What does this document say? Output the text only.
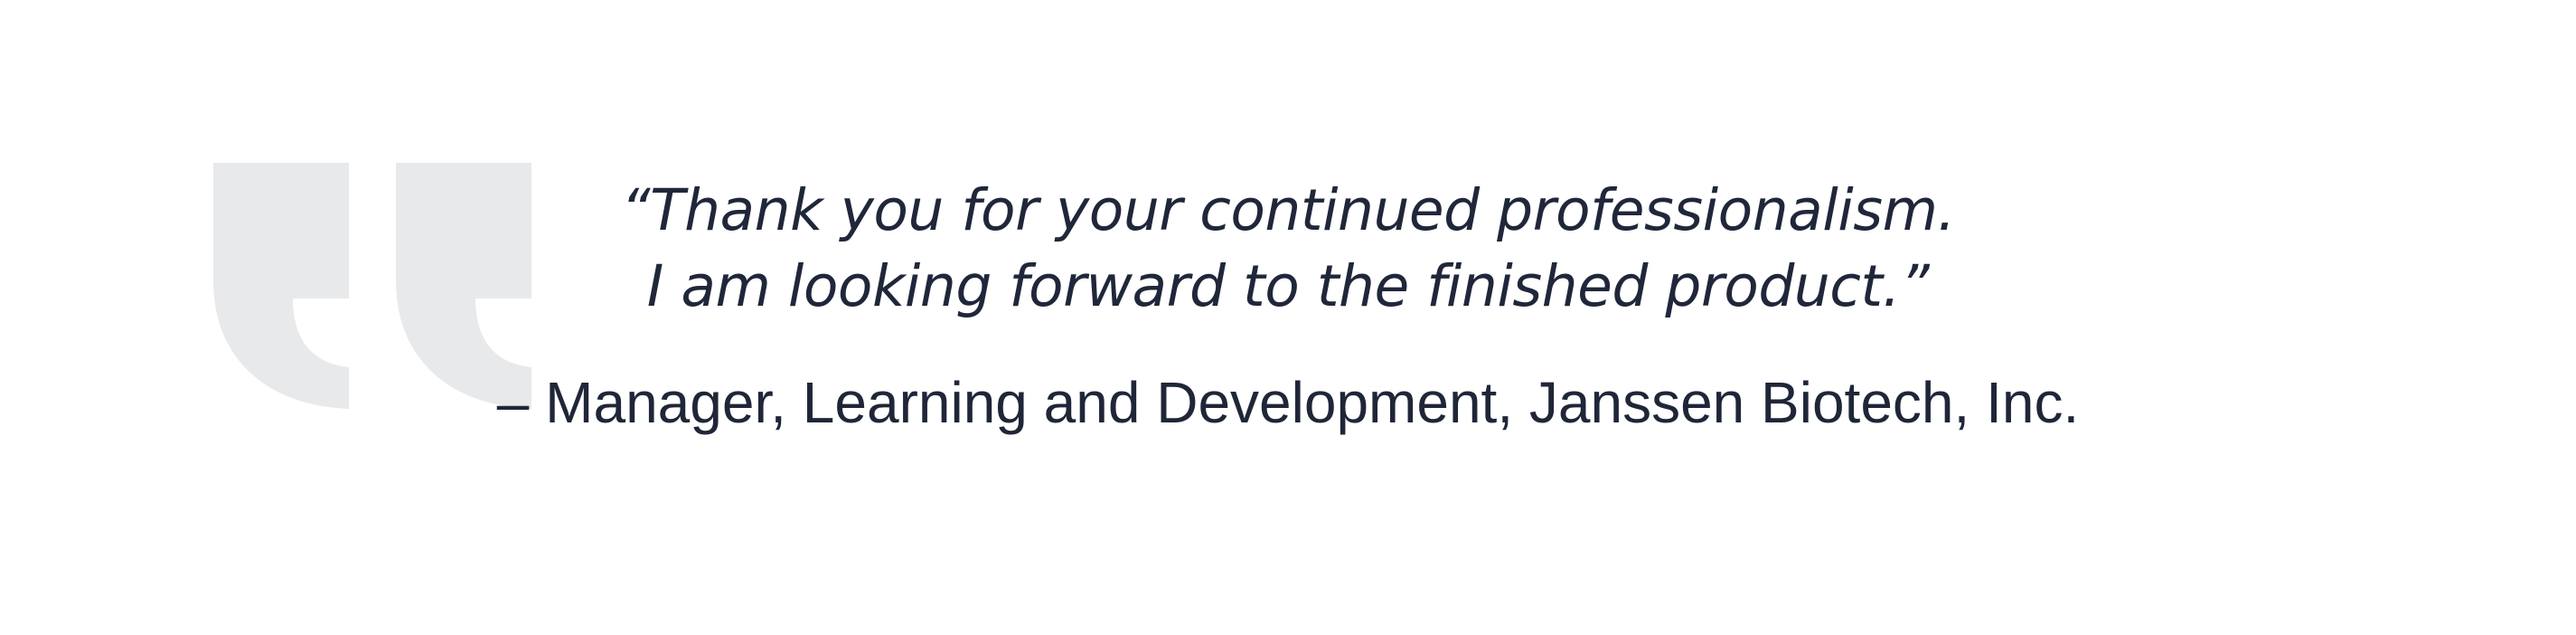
“Thank you for your continued professionalism.
I am looking forward to the finished product.”
– Manager, Learning and Development, Janssen Biotech, Inc.
